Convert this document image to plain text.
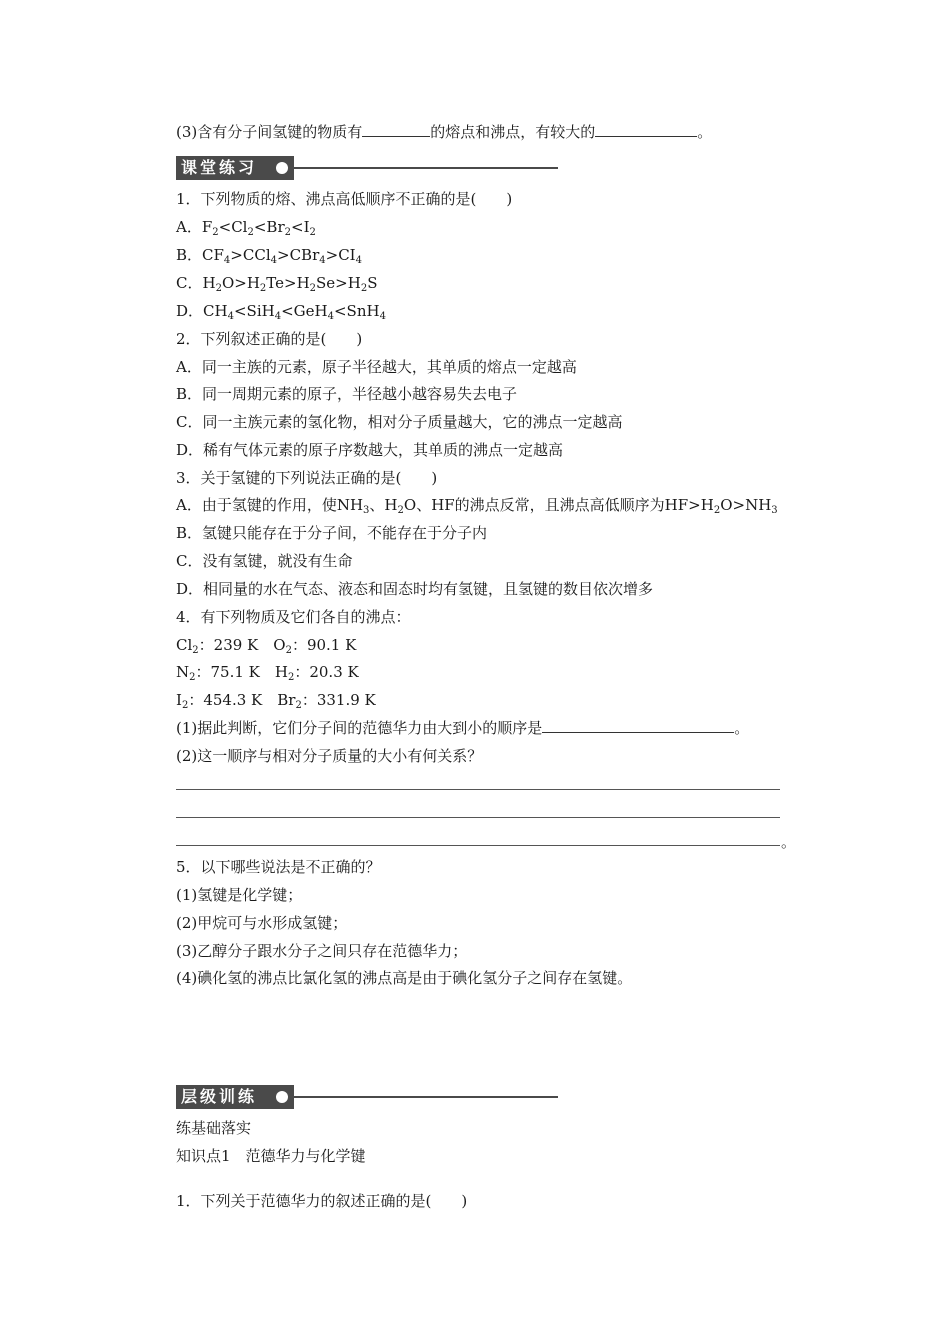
(3)含有分子间氢键的物质有	的熔点和沸点，有较大的	。
课堂练习
1．下列物质的熔、沸点高低顺序不正确的是(　　)
A．$F_2<Cl_2<Br_2<I_2$
B．$CF_4>CCl_4>CBr_4>CI_4$
C．$H_2O>H_2Te>H_2Se>H_2S$
D．$CH_4<SiH_4<GeH_4<SnH_4$
2．下列叙述正确的是(　　)
A．同一主族的元素，原子半径越大，其单质的熔点一定越高
B．同一周期元素的原子，半径越小越容易失去电子
C．同一主族元素的氢化物，相对分子质量越大，它的沸点一定越高
D．稀有气体元素的原子序数越大，其单质的沸点一定越高
3．关于氢键的下列说法正确的是(　　)
A．由于氢键的作用，使$NH_3$、$H_2O$、HF的沸点反常，且沸点高低顺序为$HF>H_2O>NH_3$
B．氢键只能存在于分子间，不能存在于分子内
C．没有氢键，就没有生命
D．相同量的水在气态、液态和固态时均有氢键，且氢键的数目依次增多
4．有下列物质及它们各自的沸点：
$Cl_2$：239 K　$O_2$：90.1 K
$N_2$：75.1 K　$H_2$：20.3 K
$I_2$：454.3 K　$Br_2$：331.9 K
(1)据此判断，它们分子间的范德华力由大到小的顺序是	。
(2)这一顺序与相对分子质量的大小有何关系？
。
5．以下哪些说法是不正确的？
(1)氢键是化学键；
(2)甲烷可与水形成氢键；
(3)乙醇分子跟水分子之间只存在范德华力；
(4)碘化氢的沸点比氯化氢的沸点高是由于碘化氢分子之间存在氢键。
层级训练
练基础落实
知识点1　范德华力与化学键
1．下列关于范德华力的叙述正确的是(　　)
